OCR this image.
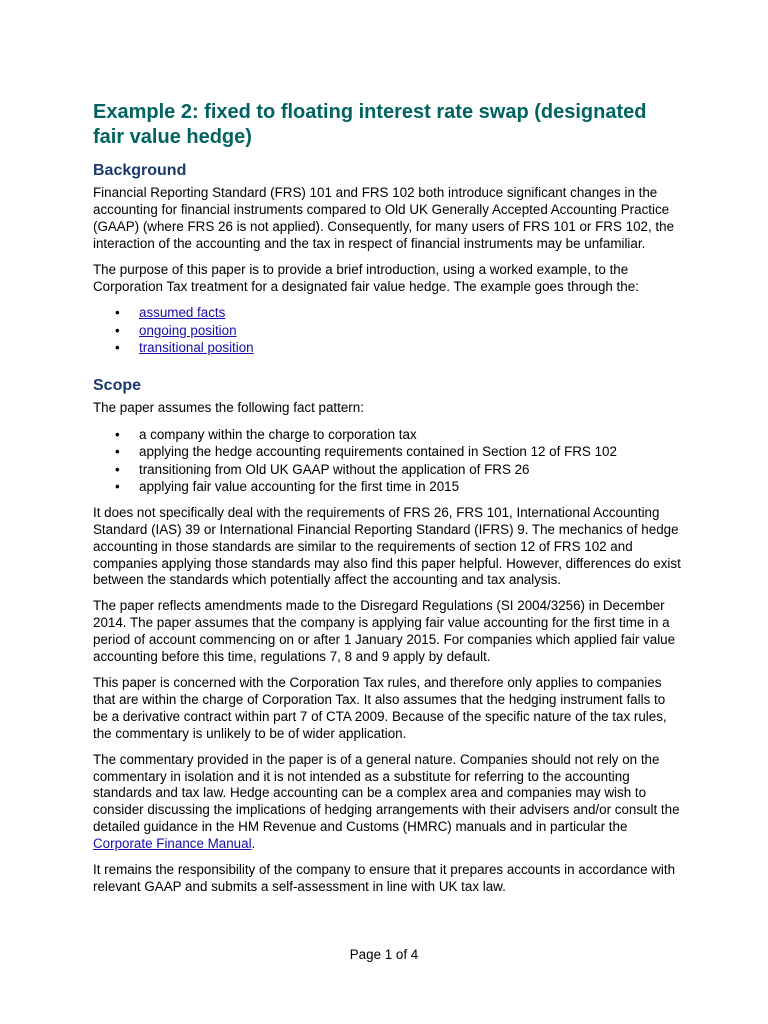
Example 2: fixed to floating interest rate swap (designated fair value hedge)
Background

Financial Reporting Standard (FRS) 101 and FRS 102 both introduce significant changes in the accounting for financial instruments compared to Old UK Generally Accepted Accounting Practice (GAAP) (where FRS 26 is not applied). Consequently, for many users of FRS 101 or FRS 102, the interaction of the accounting and the tax in respect of financial instruments may be unfamiliar.

The purpose of this paper is to provide a brief introduction, using a worked example, to the Corporation Tax treatment for a designated fair value hedge. The example goes through the:

• assumed facts
• ongoing position
• transitional position
Scope

The paper assumes the following fact pattern:

• a company within the charge to corporation tax
• applying the hedge accounting requirements contained in Section 12 of FRS 102
• transitioning from Old UK GAAP without the application of FRS 26
• applying fair value accounting for the first time in 2015

It does not specifically deal with the requirements of FRS 26, FRS 101, International Accounting Standard (IAS) 39 or International Financial Reporting Standard (IFRS) 9. The mechanics of hedge accounting in those standards are similar to the requirements of section 12 of FRS 102 and companies applying those standards may also find this paper helpful. However, differences do exist between the standards which potentially affect the accounting and tax analysis.

The paper reflects amendments made to the Disregard Regulations (SI 2004/3256) in December 2014. The paper assumes that the company is applying fair value accounting for the first time in a period of account commencing on or after 1 January 2015. For companies which applied fair value accounting before this time, regulations 7, 8 and 9 apply by default.

This paper is concerned with the Corporation Tax rules, and therefore only applies to companies that are within the charge of Corporation Tax. It also assumes that the hedging instrument falls to be a derivative contract within part 7 of CTA 2009. Because of the specific nature of the tax rules, the commentary is unlikely to be of wider application.

The commentary provided in the paper is of a general nature. Companies should not rely on the commentary in isolation and it is not intended as a substitute for referring to the accounting standards and tax law. Hedge accounting can be a complex area and companies may wish to consider discussing the implications of hedging arrangements with their advisers and/or consult the detailed guidance in the HM Revenue and Customs (HMRC) manuals and in particular the Corporate Finance Manual.

It remains the responsibility of the company to ensure that it prepares accounts in accordance with relevant GAAP and submits a self-assessment in line with UK tax law.

Page 1 of 4
